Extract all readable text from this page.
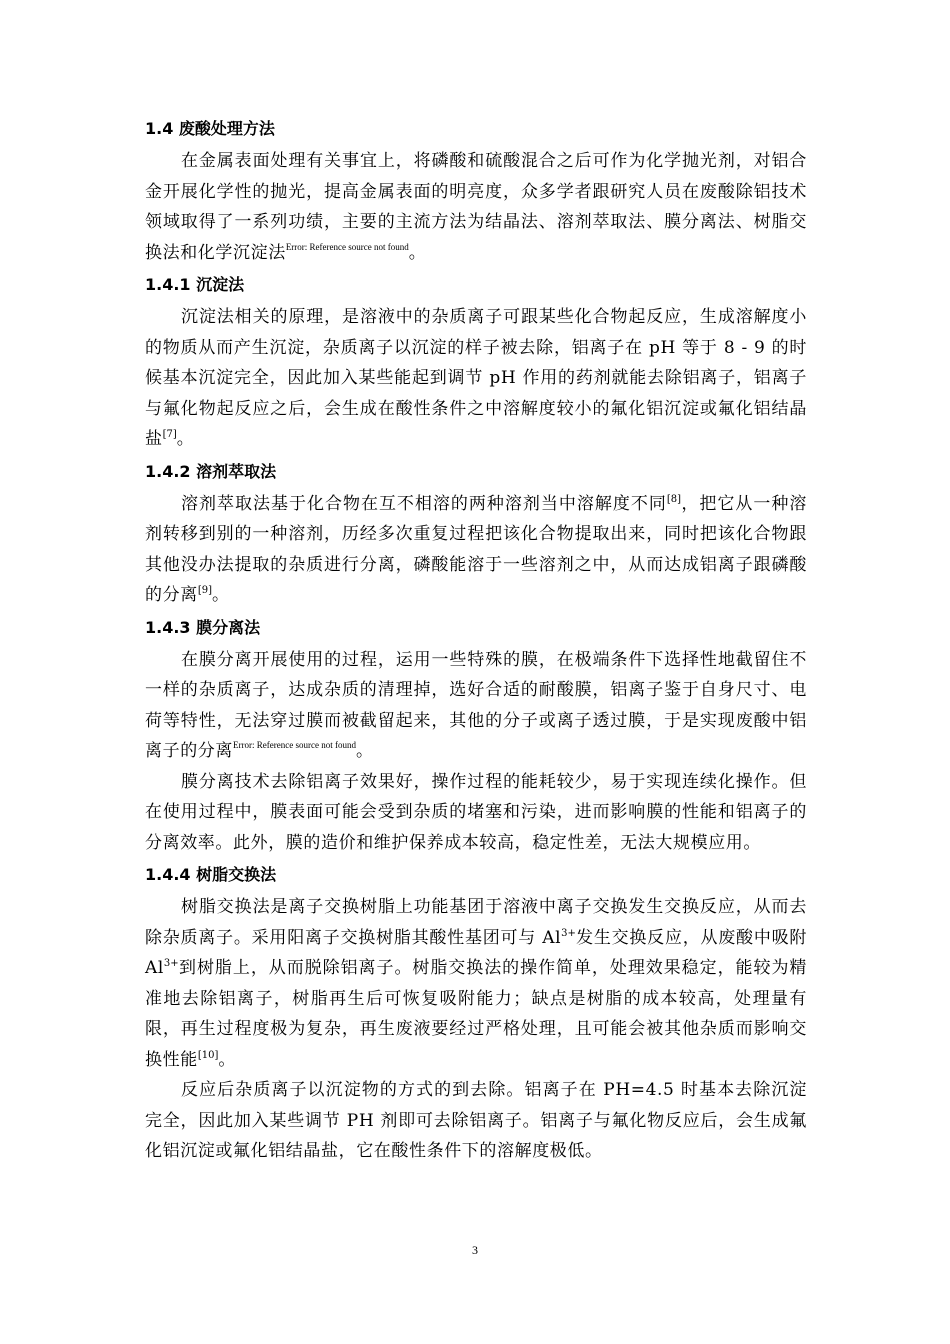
1.4 废酸处理方法

在金属表面处理有关事宜上，将磷酸和硫酸混合之后可作为化学抛光剂，对铝合金开展化学性的抛光，提高金属表面的明亮度，众多学者跟研究人员在废酸除铝技术领域取得了一系列功绩，主要的主流方法为结晶法、溶剂萃取法、膜分离法、树脂交换法和化学沉淀法$^{Error: Reference source not found}$。

1.4.1 沉淀法

沉淀法相关的原理，是溶液中的杂质离子可跟某些化合物起反应，生成溶解度小的物质从而产生沉淀，杂质离子以沉淀的样子被去除，铝离子在 pH 等于 8 - 9 的时候基本沉淀完全，因此加入某些能起到调节 pH 作用的药剂就能去除铝离子，铝离子与氟化物起反应之后，会生成在酸性条件之中溶解度较小的氟化铝沉淀或氟化铝结晶盐[7]。

1.4.2 溶剂萃取法

溶剂萃取法基于化合物在互不相溶的两种溶剂当中溶解度不同[8]，把它从一种溶剂转移到别的一种溶剂，历经多次重复过程把该化合物提取出来，同时把该化合物跟其他没办法提取的杂质进行分离，磷酸能溶于一些溶剂之中，从而达成铝离子跟磷酸的分离[9]。

1.4.3 膜分离法

在膜分离开展使用的过程，运用一些特殊的膜，在极端条件下选择性地截留住不一样的杂质离子，达成杂质的清理掉，选好合适的耐酸膜，铝离子鉴于自身尺寸、电荷等特性，无法穿过膜而被截留起来，其他的分子或离子透过膜，于是实现废酸中铝离子的分离$^{Error: Reference source not found}$。

膜分离技术去除铝离子效果好，操作过程的能耗较少，易于实现连续化操作。但在使用过程中，膜表面可能会受到杂质的堵塞和污染，进而影响膜的性能和铝离子的分离效率。此外，膜的造价和维护保养成本较高，稳定性差，无法大规模应用。

1.4.4 树脂交换法

树脂交换法是离子交换树脂上功能基团于溶液中离子交换发生交换反应，从而去除杂质离子。采用阳离子交换树脂其酸性基团可与 $Al^{3+}$发生交换反应，从废酸中吸附 $Al^{3+}$到树脂上，从而脱除铝离子。树脂交换法的操作简单，处理效果稳定，能较为精准地去除铝离子，树脂再生后可恢复吸附能力；缺点是树脂的成本较高，处理量有限，再生过程度极为复杂，再生废液要经过严格处理，且可能会被其他杂质而影响交换性能[10]。

反应后杂质离子以沉淀物的方式的到去除。铝离子在 PH=4.5 时基本去除沉淀完全，因此加入某些调节 PH 剂即可去除铝离子。铝离子与氟化物反应后，会生成氟化铝沉淀或氟化铝结晶盐，它在酸性条件下的溶解度极低。

3
